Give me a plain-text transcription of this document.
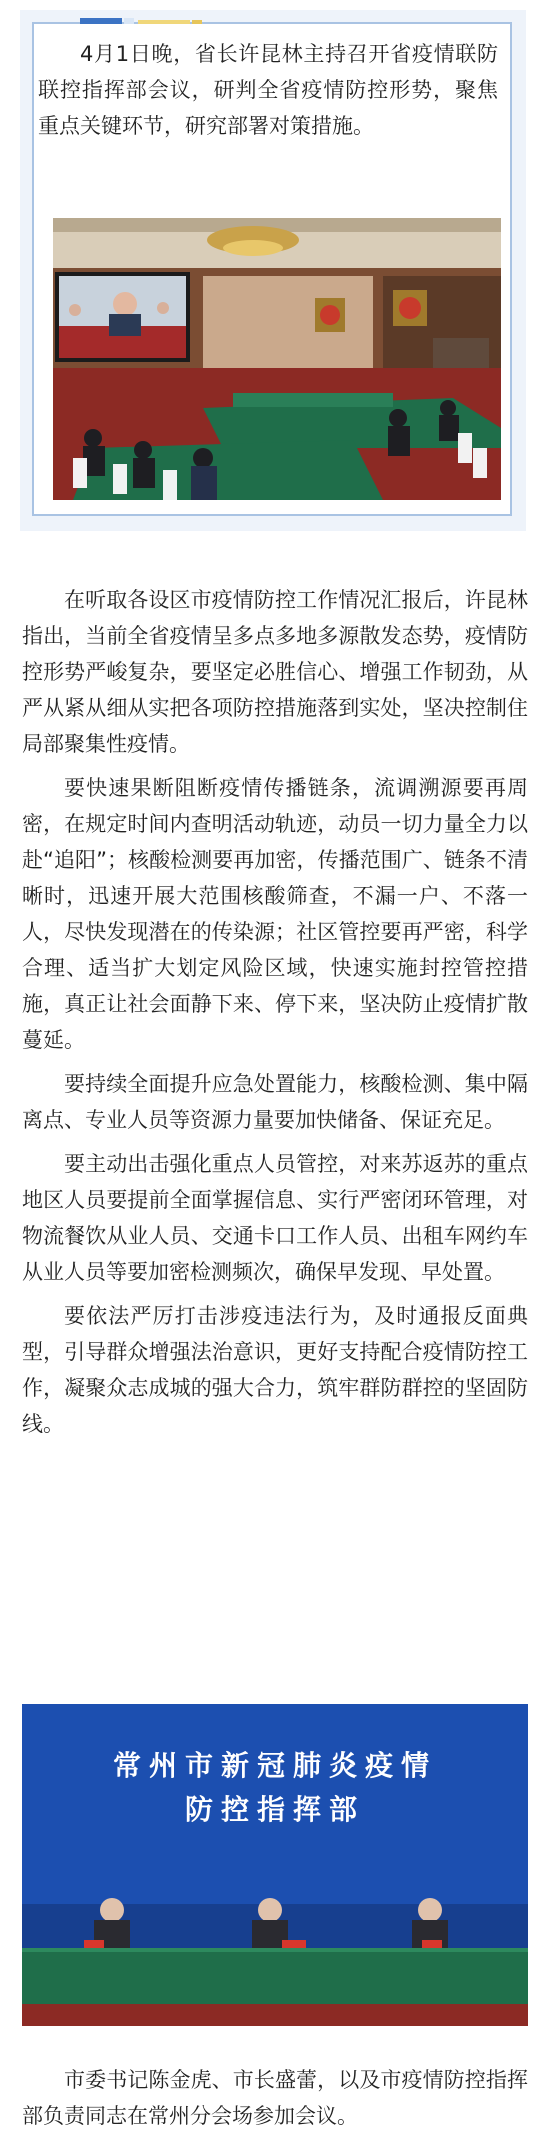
4月1日晚，省长许昆林主持召开省疫情联防联控指挥部会议，研判全省疫情防控形势，聚焦重点关键环节，研究部署对策措施。

在听取各设区市疫情防控工作情况汇报后，许昆林指出，当前全省疫情呈多点多地多源散发态势，疫情防控形势严峻复杂，要坚定必胜信心、增强工作韧劲，从严从紧从细从实把各项防控措施落到实处，坚决控制住局部聚集性疫情。

要快速果断阻断疫情传播链条，流调溯源要再周密，在规定时间内查明活动轨迹，动员一切力量全力以赴“追阳”；核酸检测要再加密，传播范围广、链条不清晰时，迅速开展大范围核酸筛查，不漏一户、不落一人，尽快发现潜在的传染源；社区管控要再严密，科学合理、适当扩大划定风险区域，快速实施封控管控措施，真正让社会面静下来、停下来，坚决防止疫情扩散蔓延。

要持续全面提升应急处置能力，核酸检测、集中隔离点、专业人员等资源力量要加快储备、保证充足。

要主动出击强化重点人员管控，对来苏返苏的重点地区人员要提前全面掌握信息、实行严密闭环管理，对物流餐饮从业人员、交通卡口工作人员、出租车网约车从业人员等要加密检测频次，确保早发现、早处置。

要依法严厉打击涉疫违法行为，及时通报反面典型，引导群众增强法治意识，更好支持配合疫情防控工作，凝聚众志成城的强大合力，筑牢群防群控的坚固防线。

常州市新冠肺炎疫情
防控指挥部

市委书记陈金虎、市长盛蕾，以及市疫情防控指挥部负责同志在常州分会场参加会议。
